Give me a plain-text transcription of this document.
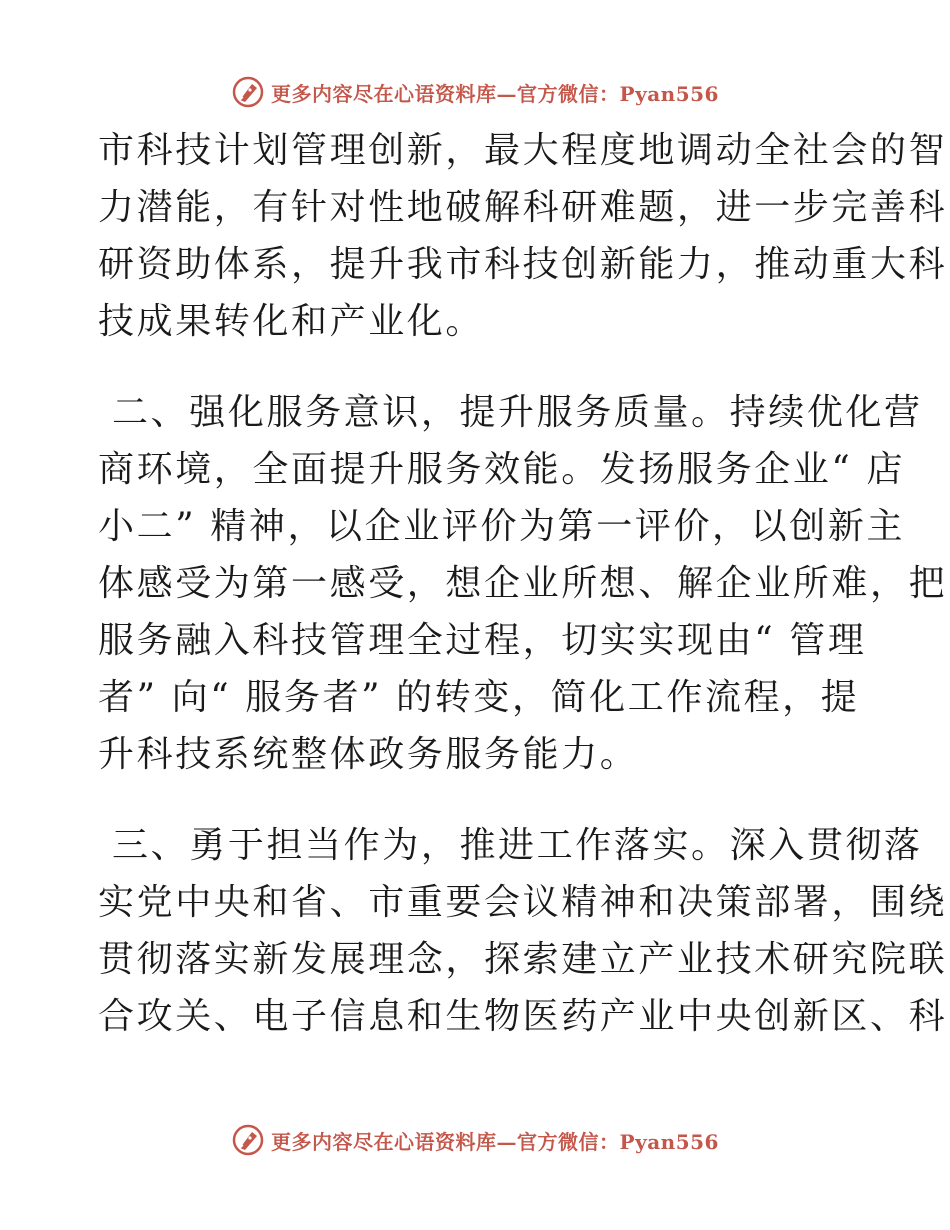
更多内容尽在心语资料库—官方微信：Pyan556
市科技计划管理创新，最大程度地调动全社会的智
力潜能，有针对性地破解科研难题，进一步完善科
研资助体系，提升我市科技创新能力，推动重大科
技成果转化和产业化。
二、强化服务意识，提升服务质量。持续优化营
商环境，全面提升服务效能。发扬服务企业“ 店
小二” 精神，以企业评价为第一评价，以创新主
体感受为第一感受，想企业所想、解企业所难，把
服务融入科技管理全过程，切实实现由“ 管理
者” 向“ 服务者” 的转变，简化工作流程，提
升科技系统整体政务服务能力。
三、勇于担当作为，推进工作落实。深入贯彻落
实党中央和省、市重要会议精神和决策部署，围绕
贯彻落实新发展理念，探索建立产业技术研究院联
合攻关、电子信息和生物医药产业中央创新区、科
更多内容尽在心语资料库—官方微信：Pyan556
